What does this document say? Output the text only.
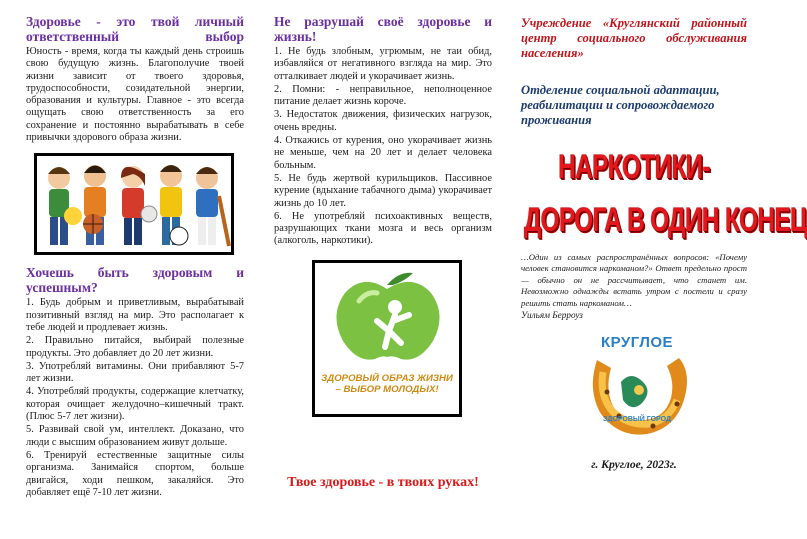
Здоровье - это твой личный ответственный выбор

Юность - время, когда ты каждый день строишь свою будущую жизнь. Благополучие твоей жизни зависит от твоего здоровья, трудоспособности, созидательной энергии, образования и культуры. Главное - это всегда ощущать свою ответственность за его сохранение и постоянно вырабатывать в себе привычки здорового образа жизни.

Хочешь быть здоровым и успешным?

1. Будь добрым и приветливым, вырабатывай позитивный взгляд на мир. Это располагает к тебе людей и продлевает жизнь.

2. Правильно питайся, выбирай полезные продукты. Это добавляет до 20 лет жизни.

3. Употребляй витамины. Они прибавляют 5-7 лет жизни.

4. Употребляй продукты, содержащие клетчатку, которая очищает желудочно–кишечный тракт. (Плюс 5-7 лет жизни).

5. Развивай свой ум, интеллект. Доказано, что люди с высшим образованием живут дольше.

6. Тренируй естественные защитные силы организма. Занимайся спортом, больше двигайся, ходи пешком, закаляйся. Это добавляет ещё 7-10 лет жизни.

Не разрушай своё здоровье и жизнь!

1. Не будь злобным, угрюмым, не таи обид, избавляйся от негативного взгляда на мир. Это отталкивает людей и укорачивает жизнь.

2. Помни: - неправильное, неполноценное питание делает жизнь короче.

3. Недостаток движения, физических нагрузок, очень вредны.

4. Откажись от курения, оно укорачивает жизнь не меньше, чем на 20 лет и делает человека больным.

5. Не будь жертвой курильщиков. Пассивное курение (вдыхание табачного дыма) укорачивает жизнь до 10 лет.

6. Не употребляй психоактивных веществ, разрушающих ткани мозга и весь организм (алкоголь, наркотики).

ЗДОРОВЫЙ ОБРАЗ ЖИЗНИ – ВЫБОР МОЛОДЫХ!
Твое здоровье - в твоих руках!

Учреждение «Круглянский районный центр социального обслуживания населения»

Отделение социальной адаптации, реабилитации и сопровождаемого проживания

НАРКОТИКИ-
ДОРОГА В ОДИН КОНЕЦ

…Один из самых распространённых вопросов: «Почему человек становится наркоманом?» Ответ предельно прост — обычно он не рассчитывает, что станет им. Невозможно однажды встать утром с постели и сразу решить стать наркоманом…

Уильям Берроуз
КРУГЛОЕ
ЗДОРОВЫЙ ГОРОД
г. Круглое, 2023г.
